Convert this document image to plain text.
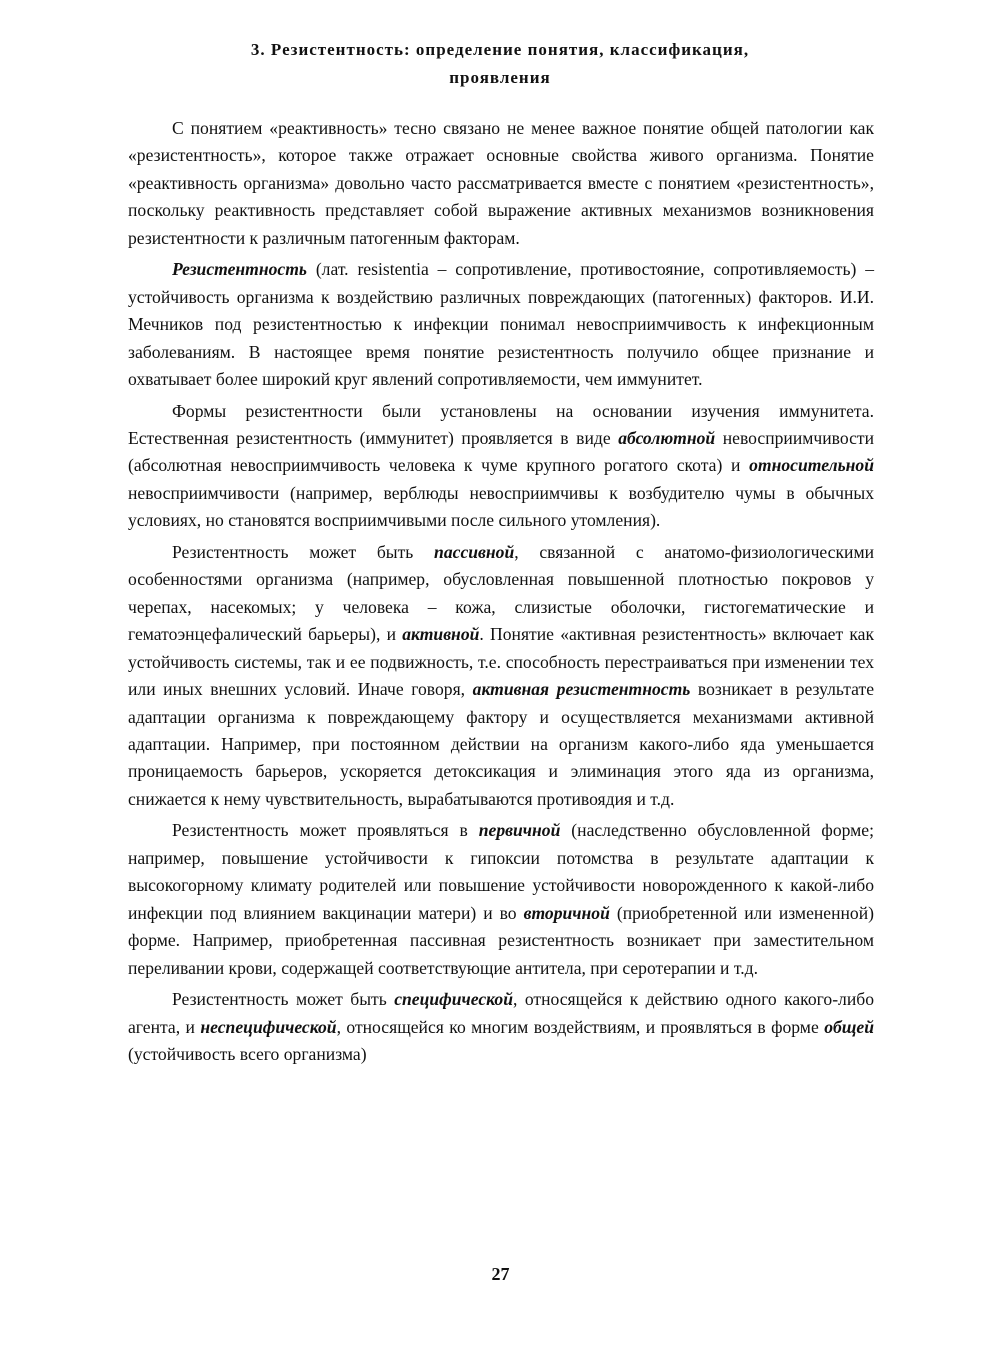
3. Резистентность: определение понятия, классификация,
проявления

С понятием «реактивность» тесно связано не менее важное понятие общей патологии как «резистентность», которое также отражает основные свойства живого организма. Понятие «реактивность организма» довольно часто рассматривается вместе с понятием «резистентность», поскольку реактивность представляет собой выражение активных механизмов возникновения резистентности к различным патогенным факторам.

Резистентность (лат. resistentia – сопротивление, противостояние, сопротивляемость) – устойчивость организма к воздействию различных повреждающих (патогенных) факторов. И.И. Мечников под резистентностью к инфекции понимал невосприимчивость к инфекционным заболеваниям. В настоящее время понятие резистентность получило общее признание и охватывает более широкий круг явлений сопротивляемости, чем иммунитет.

Формы резистентности были установлены на основании изучения иммунитета. Естественная резистентность (иммунитет) проявляется в виде абсолютной невосприимчивости (абсолютная невосприимчивость человека к чуме крупного рогатого скота) и относительной невосприимчивости (например, верблюды невосприимчивы к возбудителю чумы в обычных условиях, но становятся восприимчивыми после сильного утомления).

Резистентность может быть пассивной, связанной с анатомо-физиологическими особенностями организма (например, обусловленная повышенной плотностью покровов у черепах, насекомых; у человека – кожа, слизистые оболочки, гистогематические и гематоэнцефалический барьеры), и активной. Понятие «активная резистентность» включает как устойчивость системы, так и ее подвижность, т.е. способность перестраиваться при изменении тех или иных внешних условий. Иначе говоря, активная резистентность возникает в результате адаптации организма к повреждающему фактору и осуществляется механизмами активной адаптации. Например, при постоянном действии на организм какого-либо яда уменьшается проницаемость барьеров, ускоряется детоксикация и элиминация этого яда из организма, снижается к нему чувствительность, вырабатываются противоядия и т.д.

Резистентность может проявляться в первичной (наследственно обусловленной форме; например, повышение устойчивости к гипоксии потомства в результате адаптации к высокогорному климату родителей или повышение устойчивости новорожденного к какой-либо инфекции под влиянием вакцинации матери) и во вторичной (приобретенной или измененной) форме. Например, приобретенная пассивная резистентность возникает при заместительном переливании крови, содержащей соответствующие антитела, при серотерапии и т.д.

Резистентность может быть специфической, относящейся к действию одного какого-либо агента, и неспецифической, относящейся ко многим воздействиям, и проявляться в форме общей (устойчивость всего организма)

27
